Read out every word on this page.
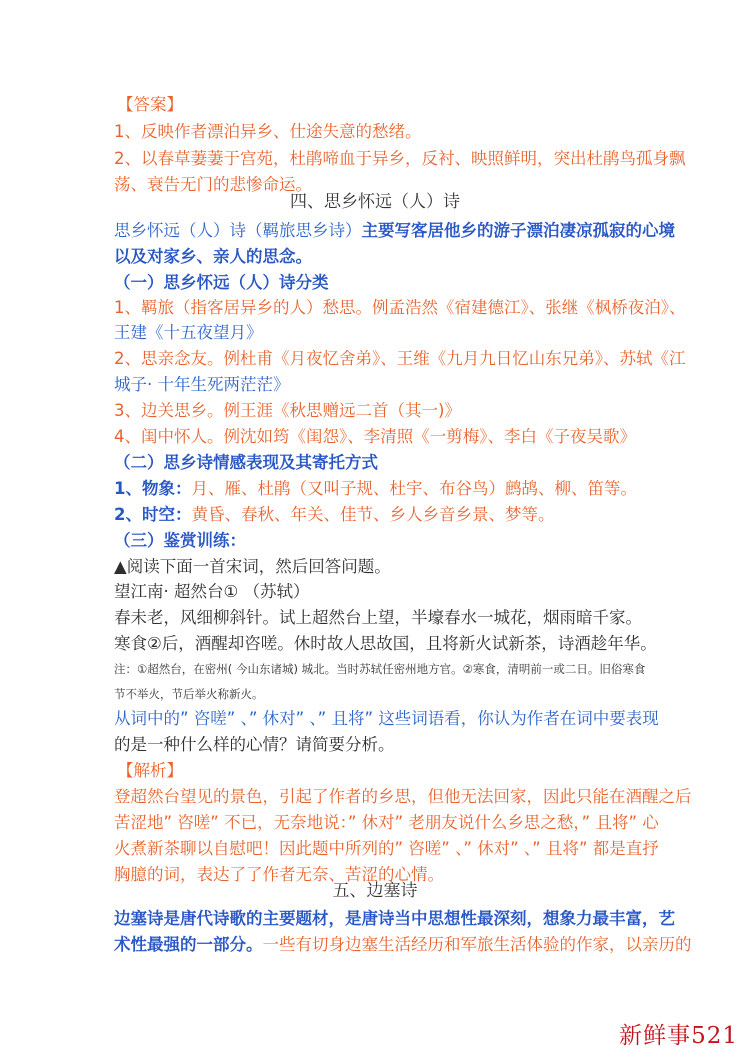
【答案】
1、反映作者漂泊异乡、仕途失意的愁绪。
2、以春草萋萋于宫苑，杜鹃啼血于异乡，反衬、映照鲜明，突出杜鹃鸟孤身飘
荡、衰告无门的悲惨命运。
四、思乡怀远（人）诗
思乡怀远（人）诗（羁旅思乡诗）主要写客居他乡的游子漂泊凄凉孤寂的心境
以及对家乡、亲人的思念。
（一）思乡怀远（人）诗分类
1、羁旅（指客居异乡的人）愁思。例孟浩然《宿建德江》、张继《枫桥夜泊》、
王建《十五夜望月》
2、思亲念友。例杜甫《月夜忆舍弟》、王维《九月九日忆山东兄弟》、苏轼《江
城子· 十年生死两茫茫》
3、边关思乡。例王涯《秋思赠远二首（其一)》
4、闺中怀人。例沈如筠《闺怨》、李清照《一剪梅》、李白《子夜吴歌》
（二）思乡诗情感表现及其寄托方式
1、物象：月、雁、杜鹃（又叫子规、杜宇、布谷鸟）鹧鸪、柳、笛等。
2、时空：黄昏、春秋、年关、佳节、乡人乡音乡景、梦等。
（三）鉴赏训练：
▲阅读下面一首宋词，然后回答问题。
望江南· 超然台① （苏轼）
春未老，风细柳斜针。试上超然台上望，半壕春水一城花，烟雨暗千家。
寒食②后，酒醒却咨嗟。休时故人思故国，且将新火试新茶，诗酒趁年华。
注：①超然台，在密州( 今山东诸城) 城北。当时苏轼任密州地方官。②寒食，清明前一或二日。旧俗寒食
节不举火，节后举火称新火。
从词中的” 咨嗟” 、” 休对” 、” 且将” 这些词语看，你认为作者在词中要表现
的是一种什么样的心情？请简要分析。
【解析】
登超然台望见的景色，引起了作者的乡思，但他无法回家，因此只能在酒醒之后
苦涩地” 咨嗟” 不已，无奈地说：” 休对” 老朋友说什么乡思之愁，” 且将” 心
火煮新茶聊以自慰吧！因此题中所列的” 咨嗟” 、” 休对” 、” 且将” 都是直抒
胸臆的词，表达了了作者无奈、苦涩的心情。
五、边塞诗
边塞诗是唐代诗歌的主要题材，是唐诗当中思想性最深刻，想象力最丰富，艺
术性最强的一部分。一些有切身边塞生活经历和军旅生活体验的作家，以亲历的
新鲜事521
